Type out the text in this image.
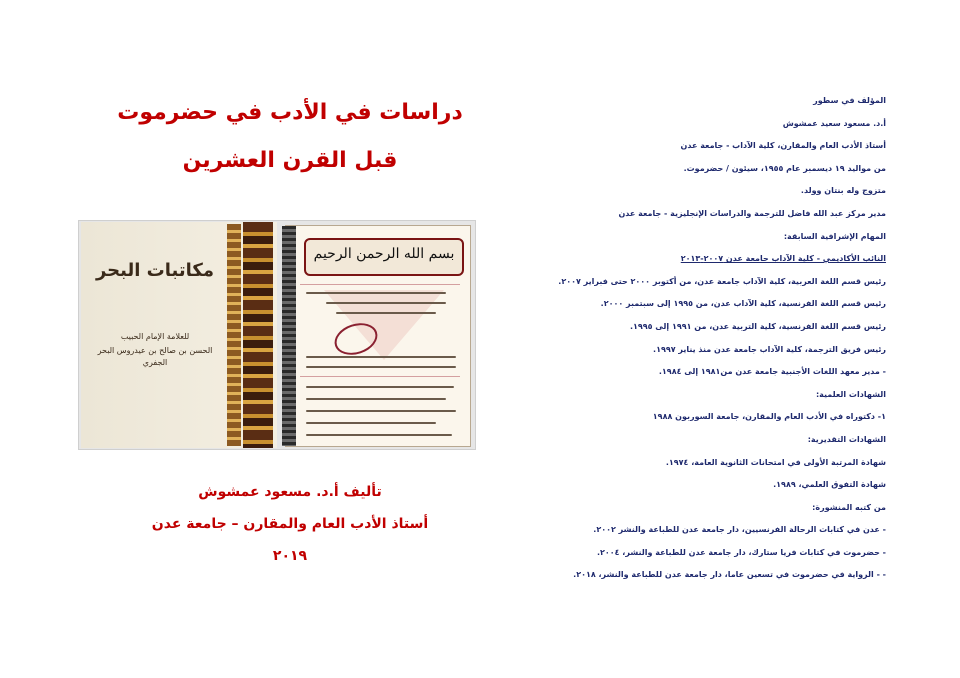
دراسات في الأدب في حضرموت
قبل القرن العشرين
مكاتبات البحر
للعلامة الإمام الحبيب
الحسن بن صالح بن عيدروس البحر
الجفري
بسم الله الرحمن الرحيم
تأليف أ.د. مسعود عمشوش
أستاذ الأدب العام والمقارن – جامعة عدن
٢٠١٩
المؤلف في سطور
أ.د. مسعود سعيد عمشوش
أستاذ الأدب العام والمقارن، كلية الآداب - جامعة عدن
من مواليد ١٩ ديسمبر عام ١٩٥٥، سيئون / حضرموت.
متزوج وله بنتان وولد.
مدير مركز عبد الله فاضل للترجمة والدراسات الإنجليزية - جامعة عدن
المهام الإشرافية السابقة:
النائب الأكاديمي - كلية الآداب جامعة عدن ٢٠٠٧-٢٠١٣
رئيس قسم اللغة العربية، كلية الآداب جامعة عدن، من أكتوبر ٢٠٠٠ حتى فبراير ٢٠٠٧.
رئيس قسم اللغة الفرنسية، كلية الآداب عدن، من ١٩٩٥ إلى سبتمبر ٢٠٠٠.
رئيس قسم اللغة الفرنسية، كلية التربية عدن، من ١٩٩١ إلى ١٩٩٥.
رئيس فريق الترجمة، كلية الآداب جامعة عدن منذ يناير ١٩٩٧.
- مدير معهد اللغات الأجنبية جامعة عدن من١٩٨١ إلى ١٩٨٤.
الشهادات العلمية:
١- دكتوراه في الأدب العام والمقارن، جامعة السوربون ١٩٨٨
الشهادات التقديرية:
شهادة المرتبة الأولى في امتحانات الثانوية العامة، ١٩٧٤.
شهادة التفوق العلمي، ١٩٨٩.
من كتبه المنشورة:
- عدن في كتابات الرحالة الفرنسيين، دار جامعة عدن للطباعة والنشر ٢٠٠٢.
- حضرموت في كتابات فريا ستارك، دار جامعة عدن للطباعة والنشر، ٢٠٠٤.
- - الرواية في حضرموت في تسعين عاما، دار جامعة عدن للطباعة والنشر، ٢٠١٨.
